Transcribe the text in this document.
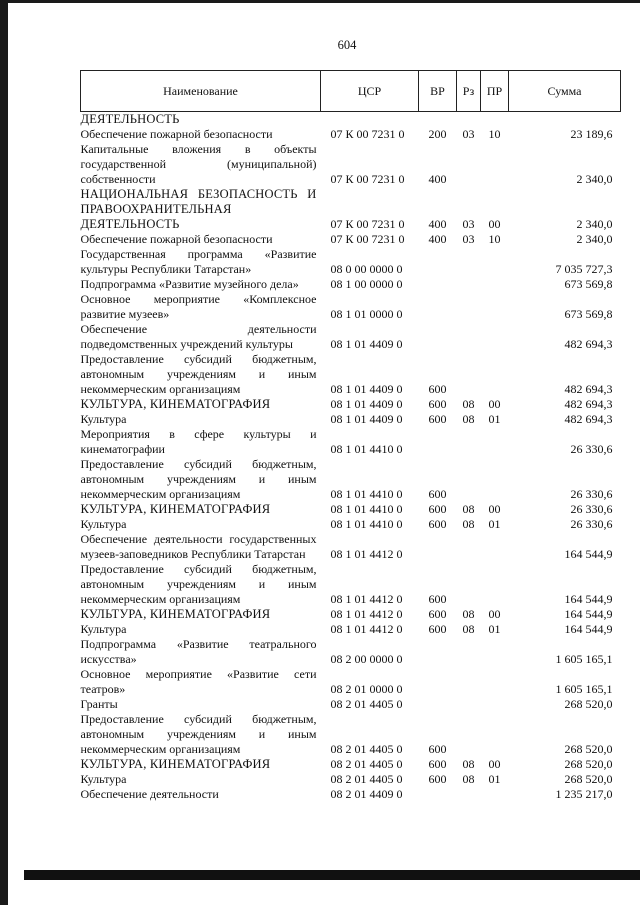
604
Наименование	ЦСР	ВР	Рз	ПР	Сумма

ДЕЯТЕЛЬНОСТЬ					

Обеспечение пожарной безопасности	07 К 00 7231 0	200	03	10	23 189,6

Капитальные вложения в объекты государственной (муниципальной) собственности	07 К 00 7231 0	400			2 340,0

НАЦИОНАЛЬНАЯ БЕЗОПАСНОСТЬ И ПРАВООХРАНИТЕЛЬНАЯ ДЕЯТЕЛЬНОСТЬ	07 К 00 7231 0	400	03	00	2 340,0

Обеспечение пожарной безопасности	07 К 00 7231 0	400	03	10	2 340,0

Государственная программа «Развитие культуры Республики Татарстан»	08 0 00 0000 0				7 035 727,3

Подпрограмма «Развитие музейного дела»	08 1 00 0000 0				673 569,8

Основное мероприятие «Комплексное развитие музеев»	08 1 01 0000 0				673 569,8

Обеспечение деятельности подведомственных учреждений культуры	08 1 01 4409 0				482 694,3

Предоставление субсидий бюджетным, автономным учреждениям и иным некоммерческим организациям	08 1 01 4409 0	600			482 694,3

КУЛЬТУРА, КИНЕМАТОГРАФИЯ	08 1 01 4409 0	600	08	00	482 694,3

Культура	08 1 01 4409 0	600	08	01	482 694,3

Мероприятия в сфере культуры и кинематографии	08 1 01 4410 0				26 330,6

Предоставление субсидий бюджетным, автономным учреждениям и иным некоммерческим организациям	08 1 01 4410 0	600			26 330,6

КУЛЬТУРА, КИНЕМАТОГРАФИЯ	08 1 01 4410 0	600	08	00	26 330,6

Культура	08 1 01 4410 0	600	08	01	26 330,6

Обеспечение деятельности государственных музеев-заповедников Республики Татарстан	08 1 01 4412 0				164 544,9

Предоставление субсидий бюджетным, автономным учреждениям и иным некоммерческим организациям	08 1 01 4412 0	600			164 544,9

КУЛЬТУРА, КИНЕМАТОГРАФИЯ	08 1 01 4412 0	600	08	00	164 544,9

Культура	08 1 01 4412 0	600	08	01	164 544,9

Подпрограмма «Развитие театрального искусства»	08 2 00 0000 0				1 605 165,1

Основное мероприятие «Развитие сети театров»	08 2 01 0000 0				1 605 165,1

Гранты	08 2 01 4405 0				268 520,0

Предоставление субсидий бюджетным, автономным учреждениям и иным некоммерческим организациям	08 2 01 4405 0	600			268 520,0

КУЛЬТУРА, КИНЕМАТОГРАФИЯ	08 2 01 4405 0	600	08	00	268 520,0

Культура	08 2 01 4405 0	600	08	01	268 520,0

Обеспечение деятельности	08 2 01 4409 0				1 235 217,0
